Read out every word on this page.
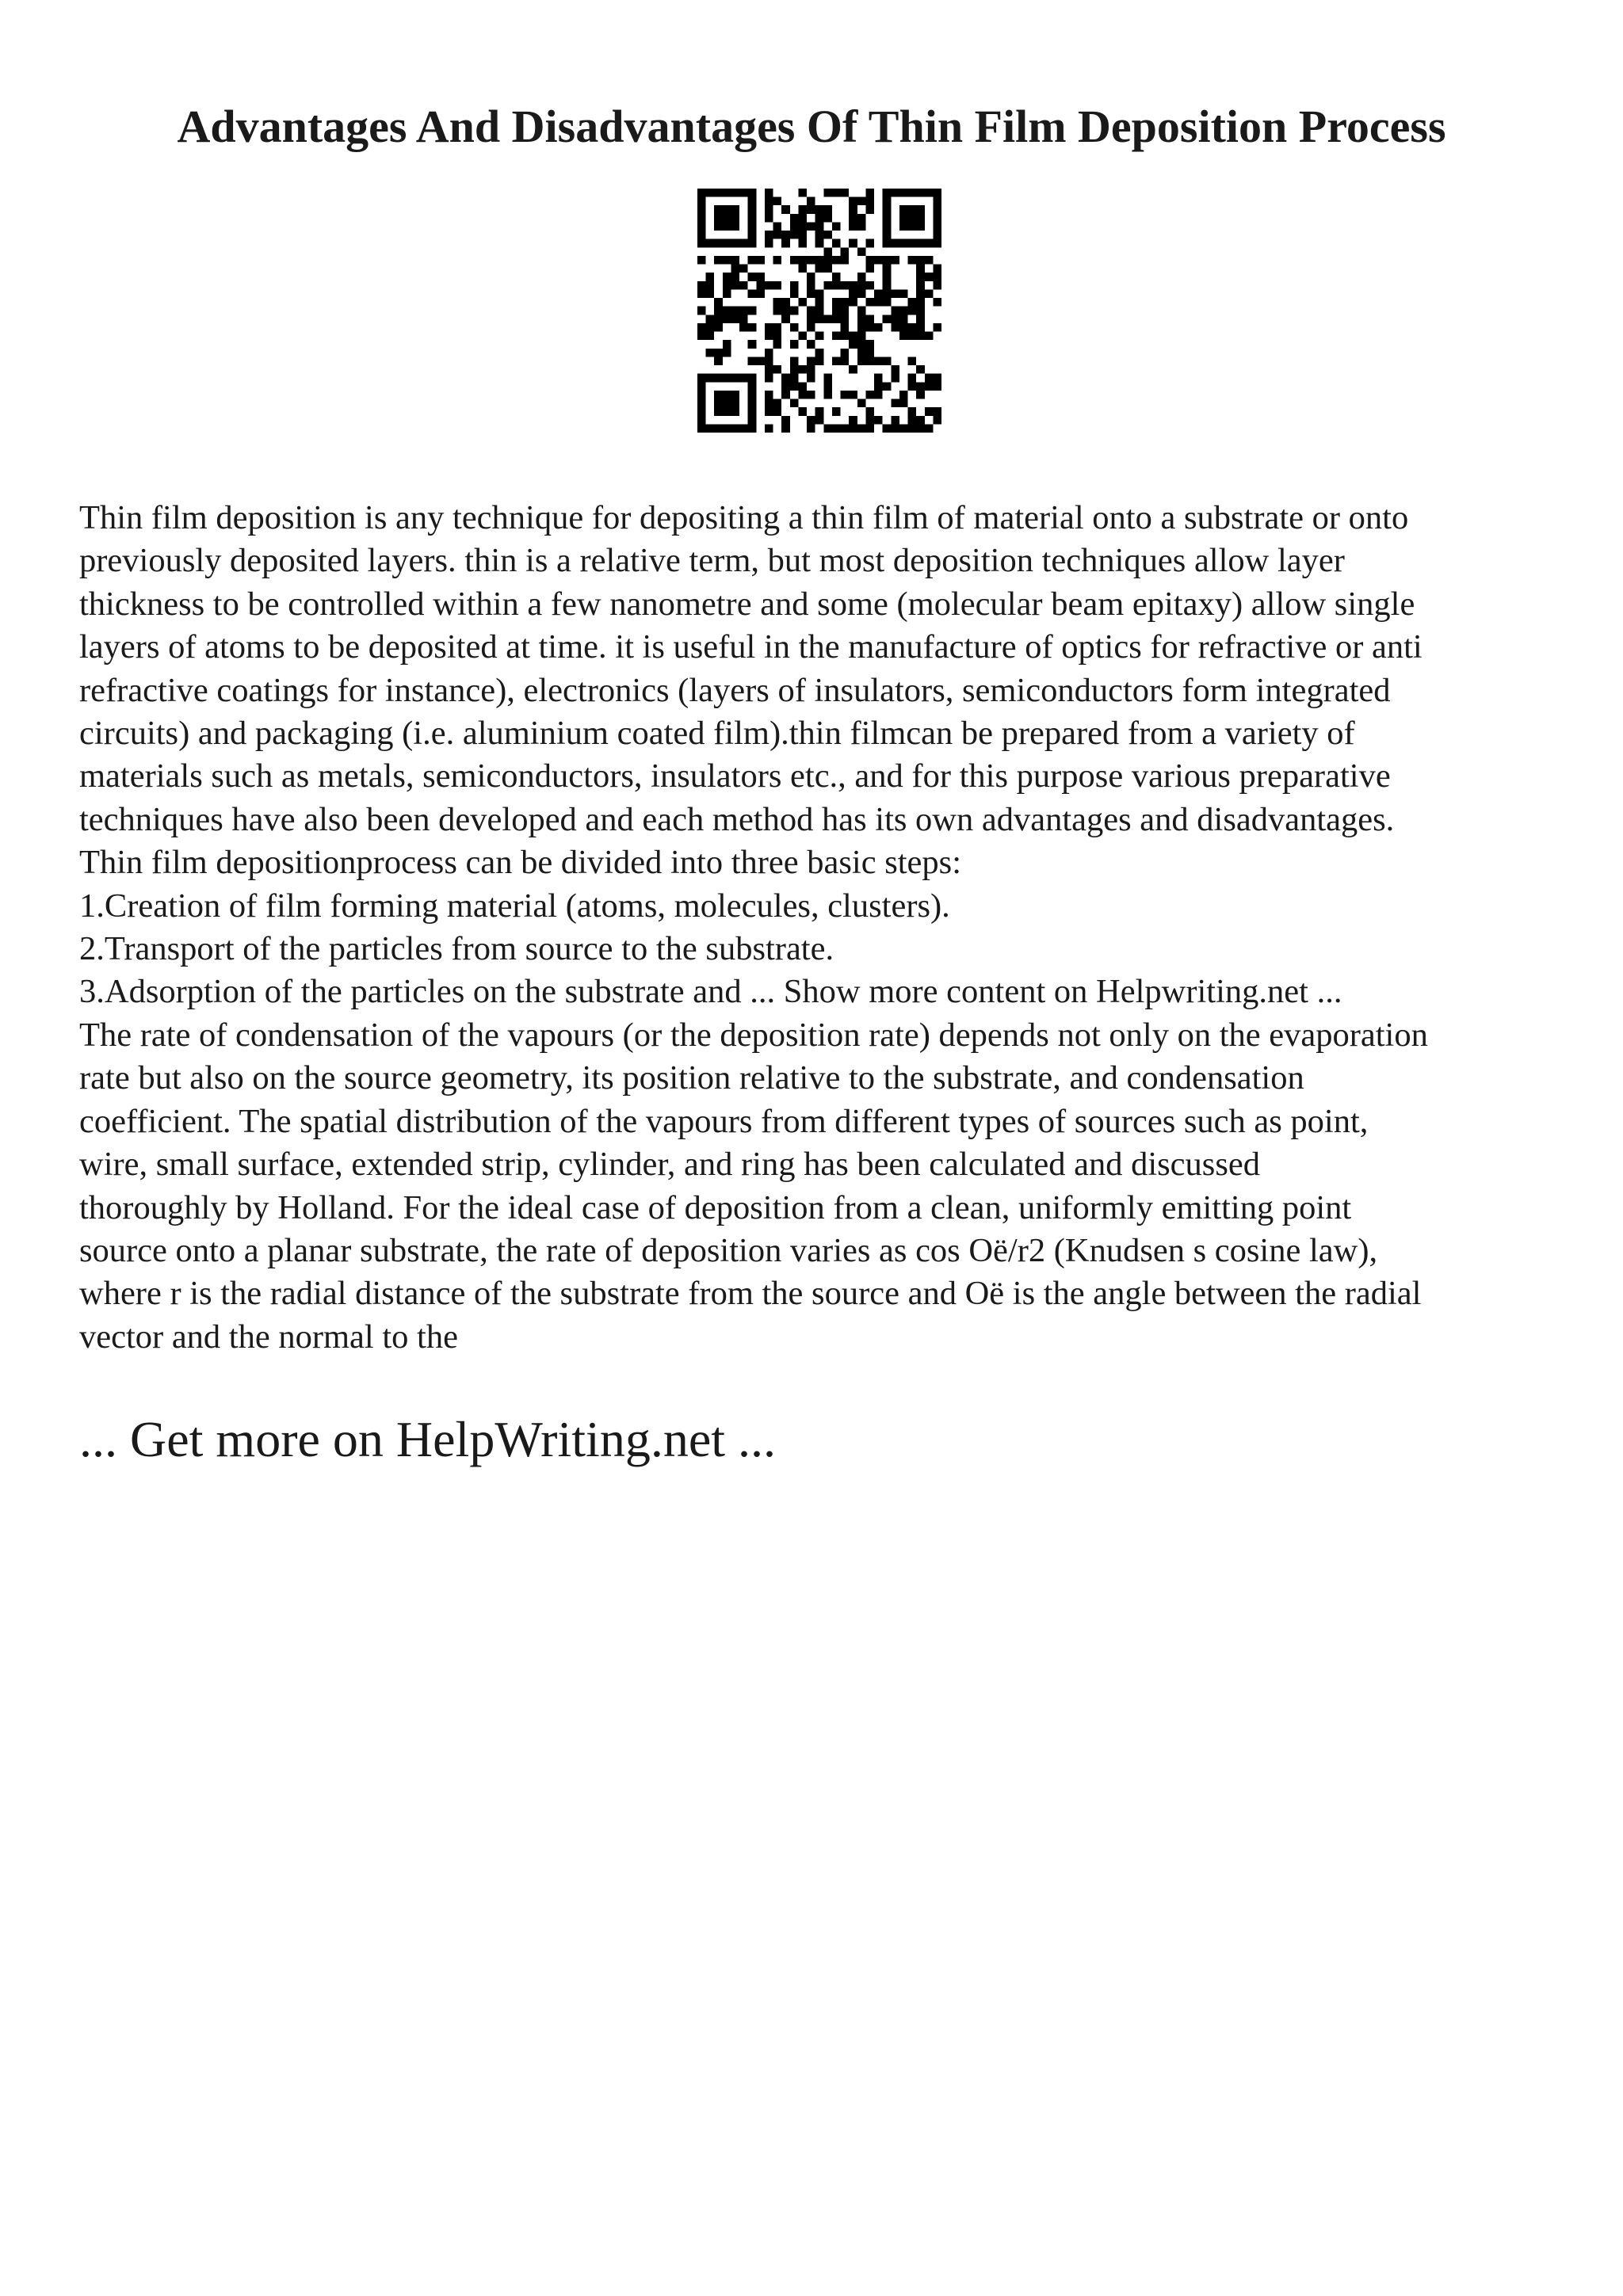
Advantages And Disadvantages Of Thin Film Deposition Process
Thin film deposition is any technique for depositing a thin film of material onto a substrate or onto
previously deposited layers. thin is a relative term, but most deposition techniques allow layer
thickness to be controlled within a few nanometre and some (molecular beam epitaxy) allow single
layers of atoms to be deposited at time. it is useful in the manufacture of optics for refractive or anti
refractive coatings for instance), electronics (layers of insulators, semiconductors form integrated
circuits) and packaging (i.e. aluminium coated film).thin filmcan be prepared from a variety of
materials such as metals, semiconductors, insulators etc., and for this purpose various preparative
techniques have also been developed and each method has its own advantages and disadvantages.
Thin film depositionprocess can be divided into three basic steps:
1.Creation of film forming material (atoms, molecules, clusters).
2.Transport of the particles from source to the substrate.
3.Adsorption of the particles on the substrate and ... Show more content on Helpwriting.net ...
The rate of condensation of the vapours (or the deposition rate) depends not only on the evaporation
rate but also on the source geometry, its position relative to the substrate, and condensation
coefficient. The spatial distribution of the vapours from different types of sources such as point,
wire, small surface, extended strip, cylinder, and ring has been calculated and discussed
thoroughly by Holland. For the ideal case of deposition from a clean, uniformly emitting point
source onto a planar substrate, the rate of deposition varies as cos Oë/r2 (Knudsen s cosine law),
where r is the radial distance of the substrate from the source and Oë is the angle between the radial
vector and the normal to the

... Get more on HelpWriting.net ...
